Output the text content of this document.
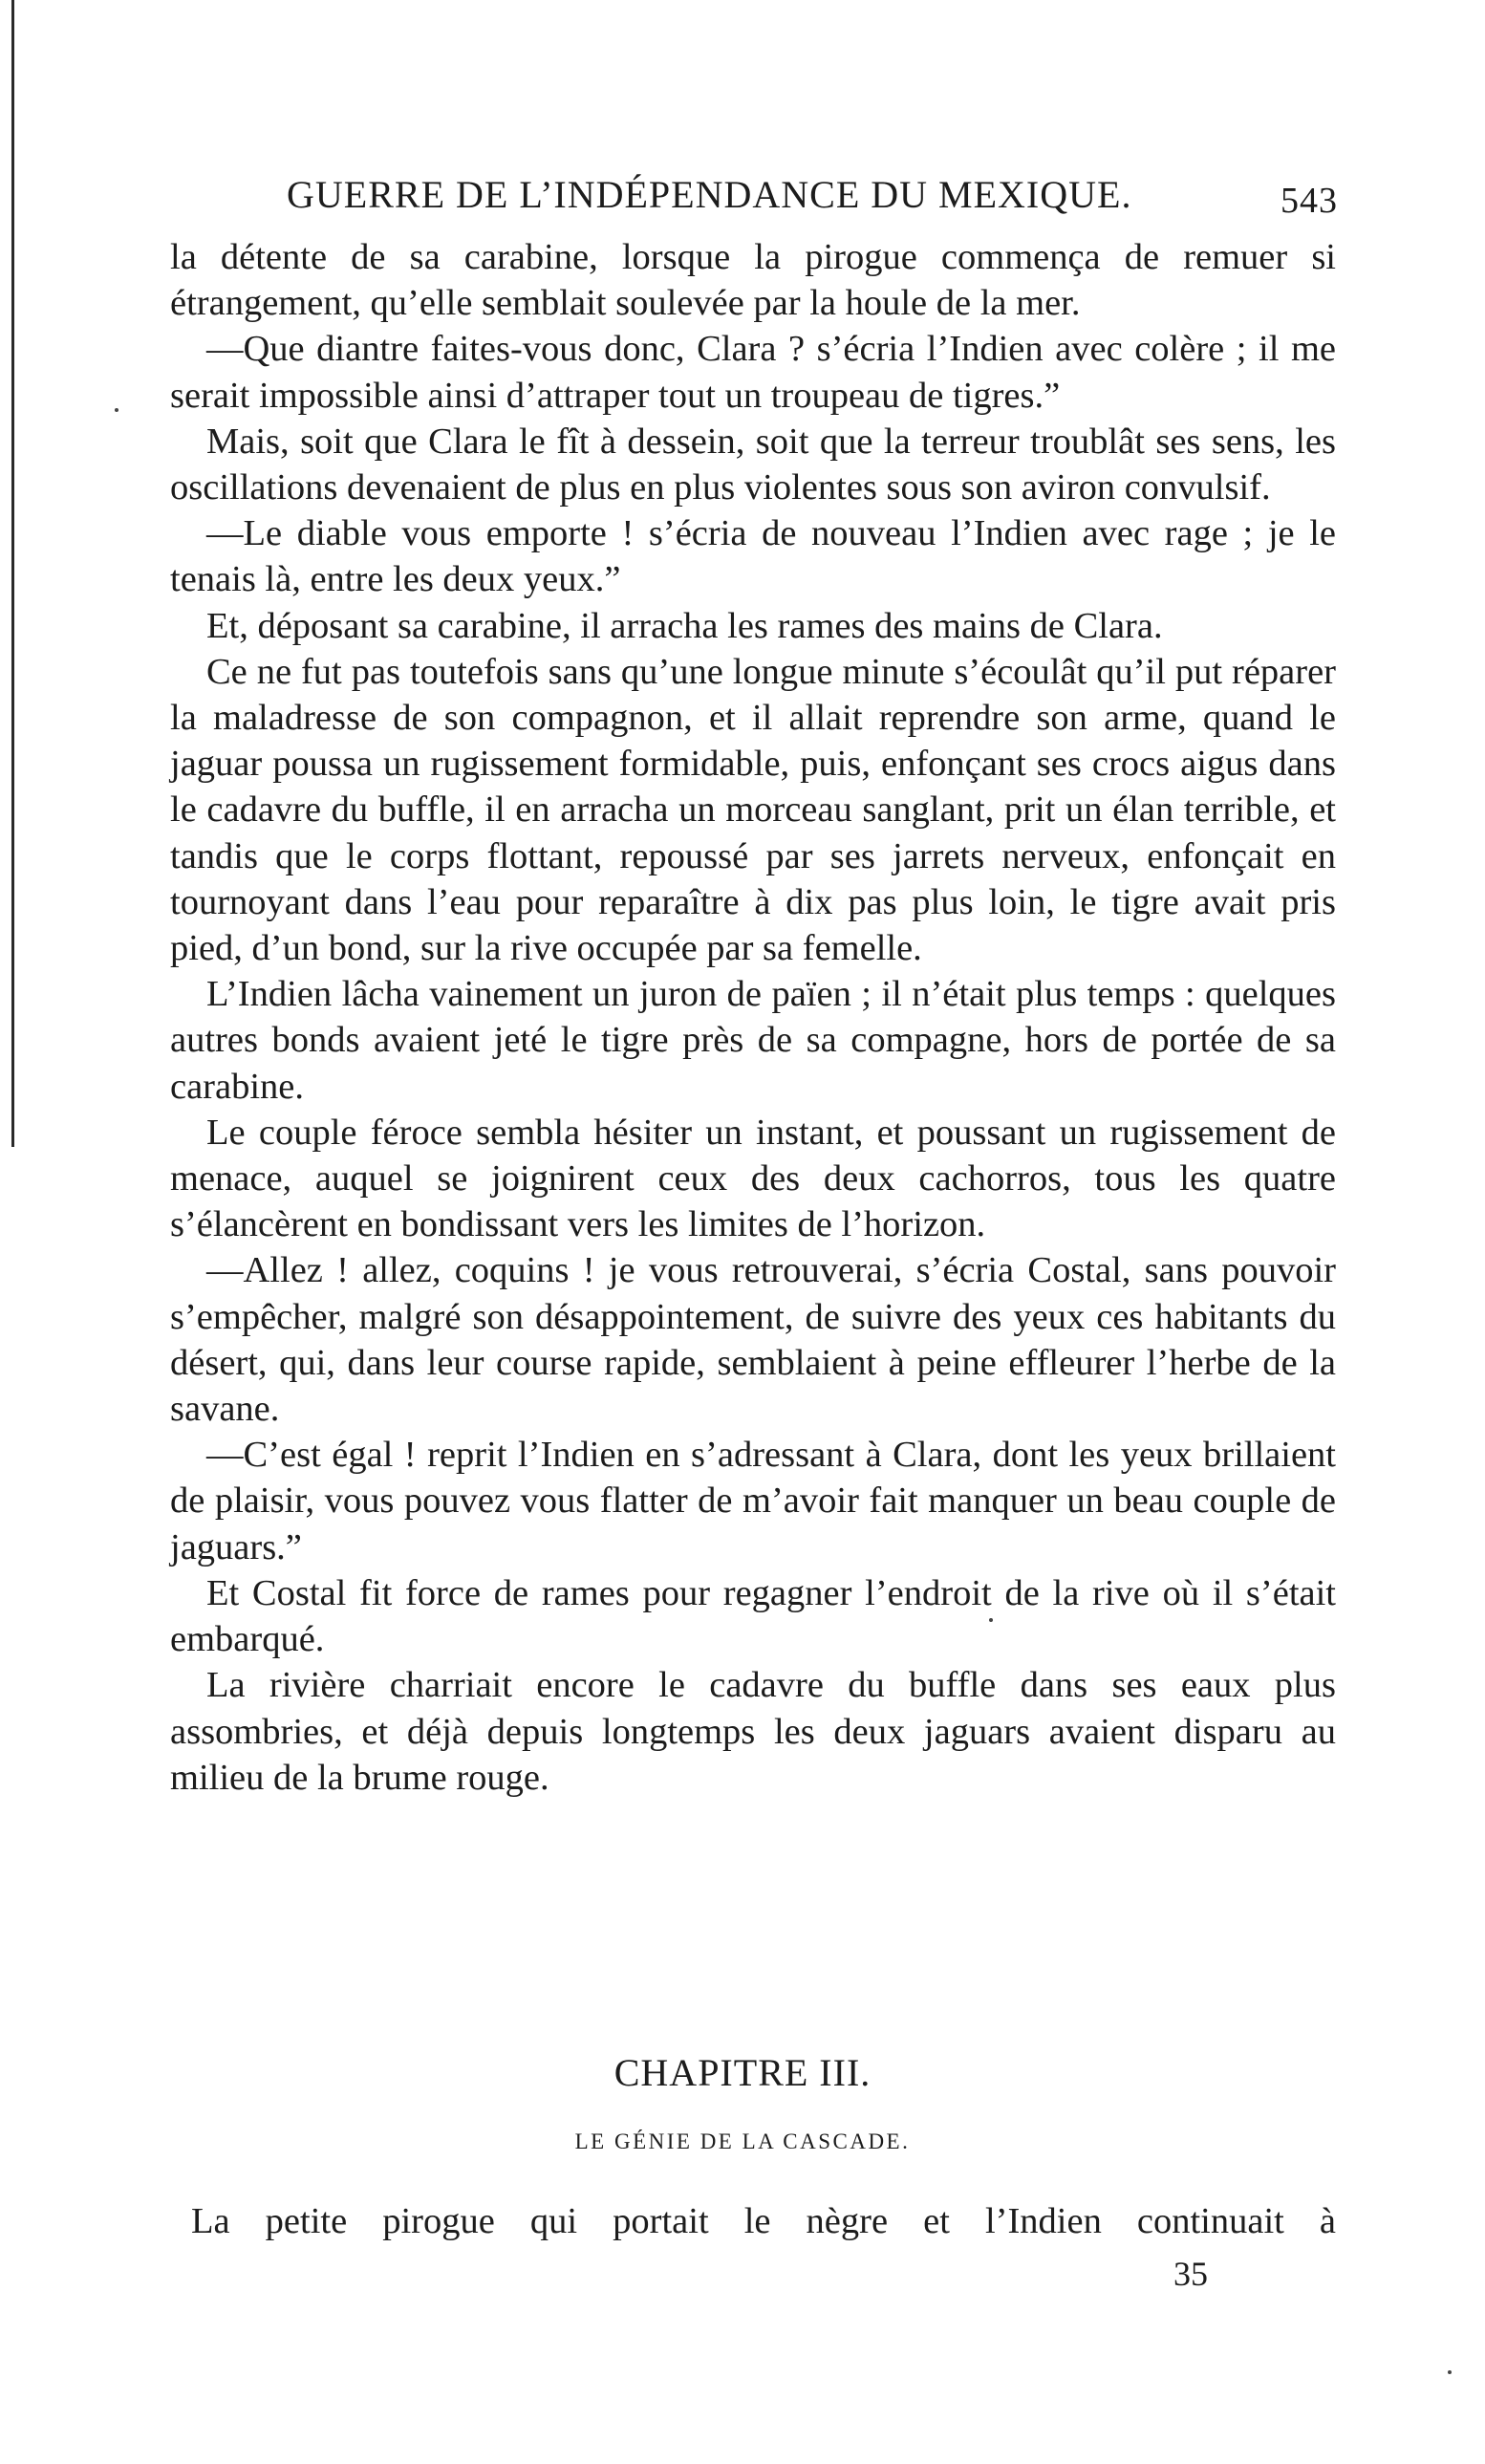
GUERRE DE L’INDÉPENDANCE DU MEXIQUE.	543

la détente de sa carabine, lorsque la pirogue commença de remuer si étrangement, qu’elle semblait soulevée par la houle de la mer.

—Que diantre faites-vous donc, Clara ? s’écria l’Indien avec colère ; il me serait impossible ainsi d’attraper tout un troupeau de tigres.”

Mais, soit que Clara le fît à dessein, soit que la terreur troublât ses sens, les oscillations devenaient de plus en plus violentes sous son aviron convulsif.

—Le diable vous emporte ! s’écria de nouveau l’Indien avec rage ; je le tenais là, entre les deux yeux.”

Et, déposant sa carabine, il arracha les rames des mains de Clara.

Ce ne fut pas toutefois sans qu’une longue minute s’écoulât qu’il put réparer la maladresse de son compagnon, et il allait reprendre son arme, quand le jaguar poussa un rugissement formidable, puis, enfonçant ses crocs aigus dans le cadavre du buffle, il en arracha un morceau sanglant, prit un élan terrible, et tandis que le corps flottant, repoussé par ses jarrets nerveux, enfonçait en tournoyant dans l’eau pour reparaître à dix pas plus loin, le tigre avait pris pied, d’un bond, sur la rive occupée par sa femelle.

L’Indien lâcha vainement un juron de païen ; il n’était plus temps : quelques autres bonds avaient jeté le tigre près de sa compagne, hors de portée de sa carabine.

Le couple féroce sembla hésiter un instant, et poussant un rugissement de menace, auquel se joignirent ceux des deux cachorros, tous les quatre s’élancèrent en bondissant vers les limites de l’horizon.

—Allez ! allez, coquins ! je vous retrouverai, s’écria Costal, sans pouvoir s’empêcher, malgré son désappointement, de suivre des yeux ces habitants du désert, qui, dans leur course rapide, semblaient à peine effleurer l’herbe de la savane.

—C’est égal ! reprit l’Indien en s’adressant à Clara, dont les yeux brillaient de plaisir, vous pouvez vous flatter de m’avoir fait manquer un beau couple de jaguars.”

Et Costal fit force de rames pour regagner l’endroit de la rive où il s’était embarqué.

La rivière charriait encore le cadavre du buffle dans ses eaux plus assombries, et déjà depuis longtemps les deux jaguars avaient disparu au milieu de la brume rouge.

CHAPITRE III.
LE GÉNIE DE LA CASCADE.
La petite pirogue qui portait le nègre et l’Indien continuait à
35
